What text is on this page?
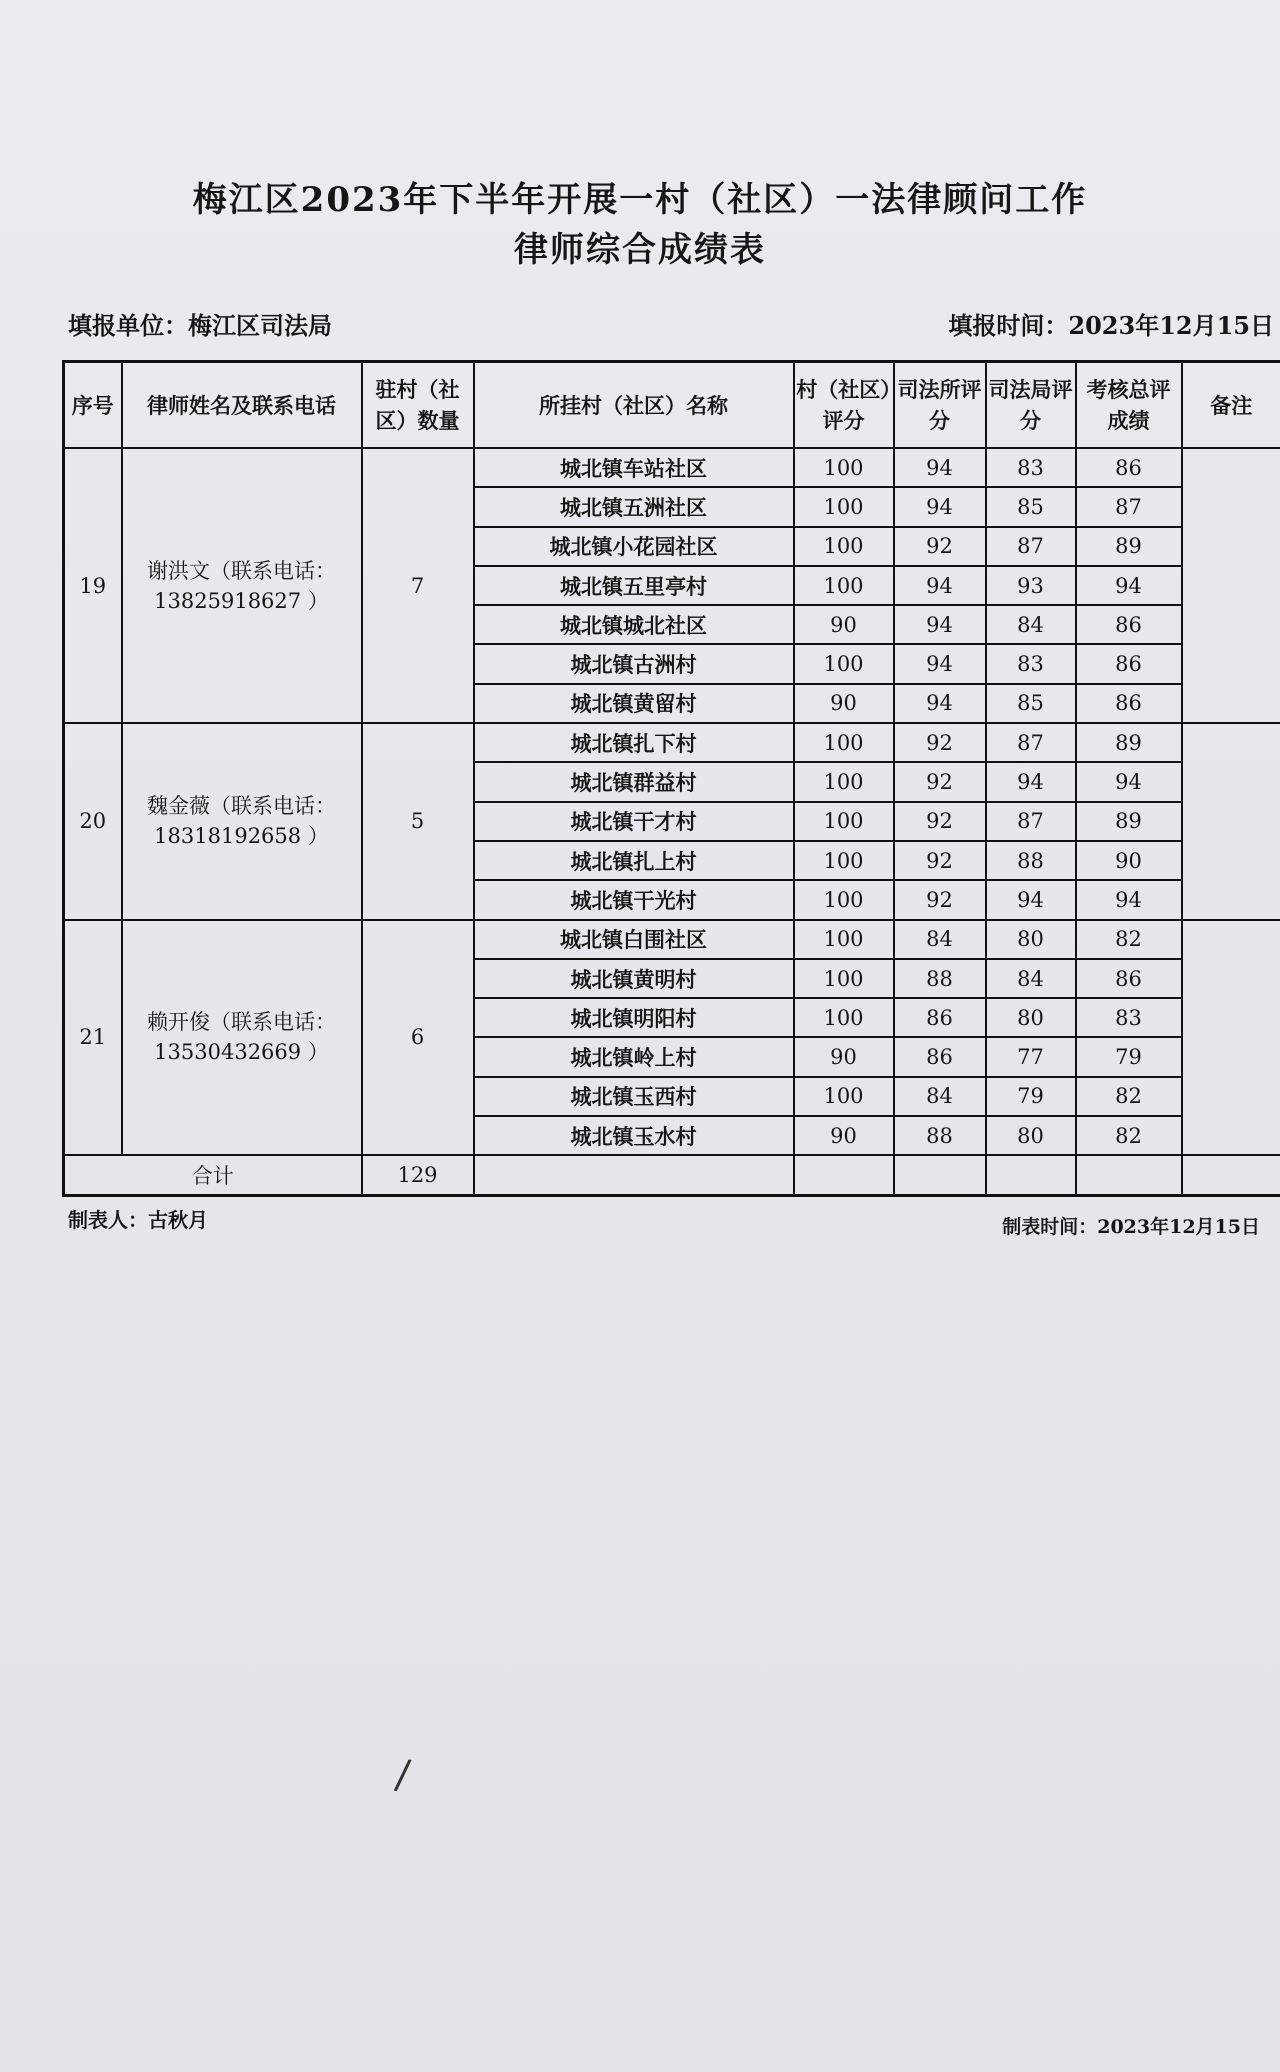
梅江区2023年下半年开展一村（社区）一法律顾问工作
律师综合成绩表
填报单位：梅江区司法局	填报时间：2023年12月15日
序号	律师姓名及联系电话	驻村（社区）数量	所挂村（社区）名称	村（社区）评分	司法所评分	司法局评分	考核总评成绩	备注
19	谢洪文（联系电话：
13825918627 ）	7	城北镇车站社区	100	94	83	86	
			城北镇五洲社区	100	94	85	87	
			城北镇小花园社区	100	92	87	89	
			城北镇五里亭村	100	94	93	94	
			城北镇城北社区	90	94	84	86	
			城北镇古洲村	100	94	83	86	
			城北镇黄留村	90	94	85	86	
20	魏金薇（联系电话：
18318192658 ）	5	城北镇扎下村	100	92	87	89	
			城北镇群益村	100	92	94	94	
			城北镇干才村	100	92	87	89	
			城北镇扎上村	100	92	88	90	
			城北镇干光村	100	92	94	94	
21	赖开俊（联系电话：
13530432669 ）	6	城北镇白围社区	100	84	80	82	
			城北镇黄明村	100	88	84	86	
			城北镇明阳村	100	86	80	83	
			城北镇岭上村	90	86	77	79	
			城北镇玉西村	100	84	79	82	
			城北镇玉水村	90	88	80	82	
合计		129						
制表人：古秋月	制表时间：2023年12月15日
/
